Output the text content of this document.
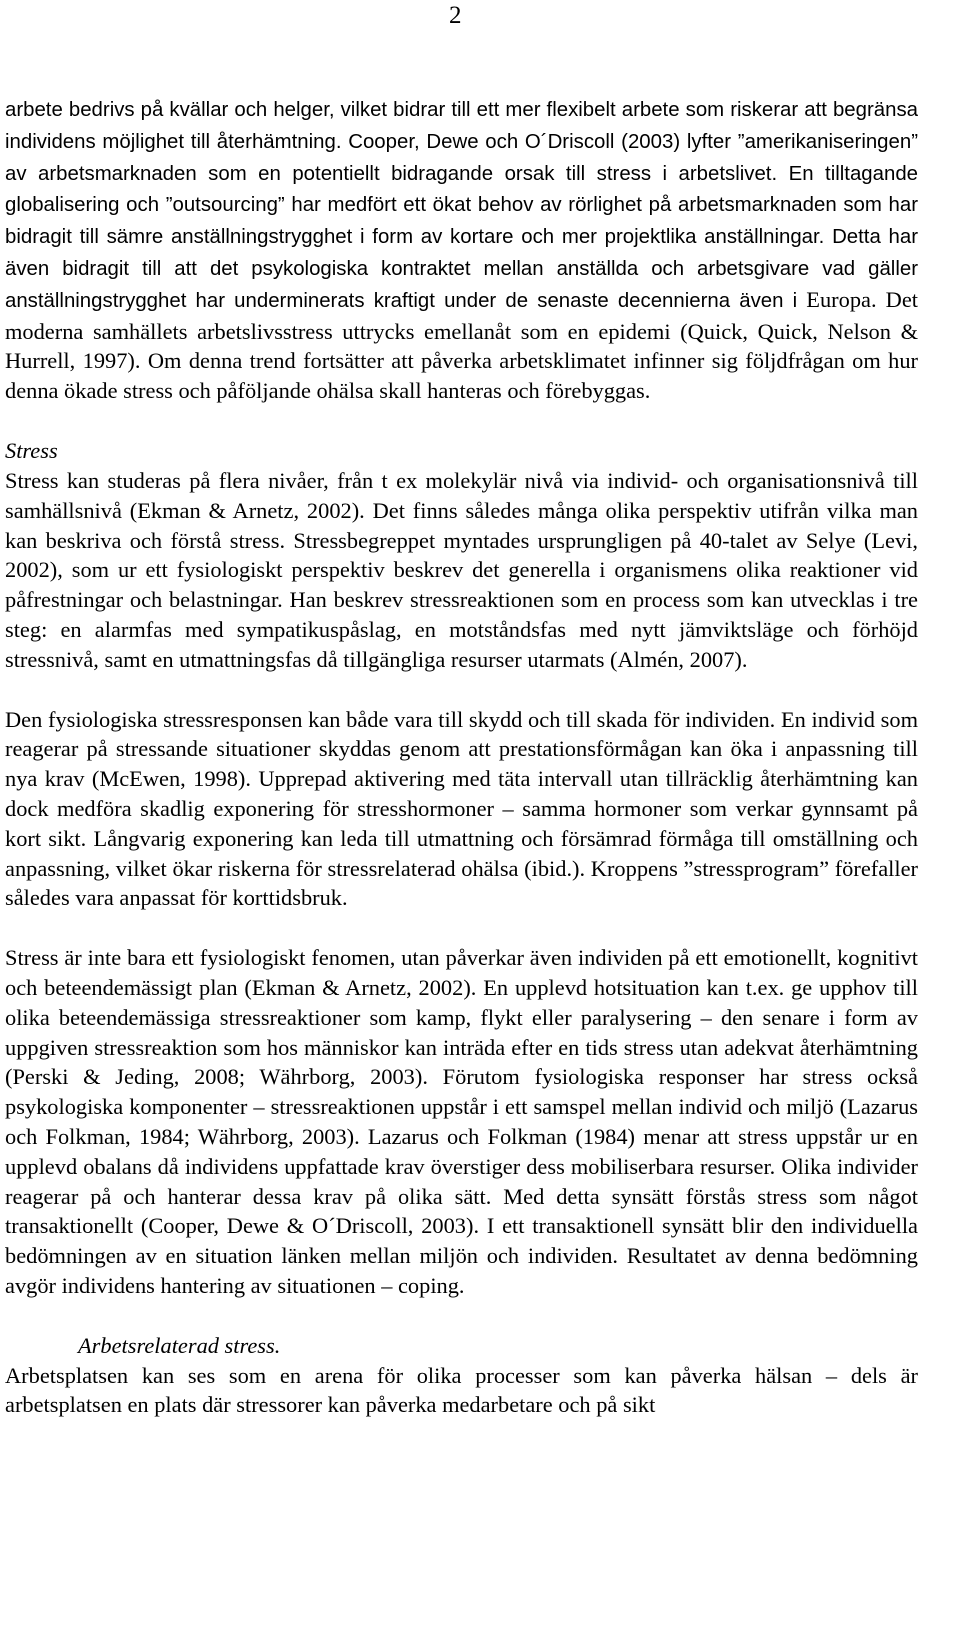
2

arbete bedrivs på kvällar och helger, vilket bidrar till ett mer flexibelt arbete som riskerar att begränsa individens möjlighet till återhämtning. Cooper, Dewe och O´Driscoll (2003) lyfter ”amerikaniseringen” av arbetsmarknaden som en potentiellt bidragande orsak till stress i arbetslivet. En tilltagande globalisering och ”outsourcing” har medfört ett ökat behov av rörlighet på arbetsmarknaden som har bidragit till sämre anställningstrygghet i form av kortare och mer projektlika anställningar. Detta har även bidragit till att det psykologiska kontraktet mellan anställda och arbetsgivare vad gäller anställningstrygghet har underminerats kraftigt under de senaste decennierna även i Europa. Det moderna samhällets arbetslivsstress uttrycks emellanåt som en epidemi (Quick, Quick, Nelson & Hurrell, 1997). Om denna trend fortsätter att påverka arbetsklimatet infinner sig följdfrågan om hur denna ökade stress och påföljande ohälsa skall hanteras och förebyggas.

Stress

Stress kan studeras på flera nivåer, från t ex molekylär nivå via individ- och organisationsnivå till samhällsnivå (Ekman & Arnetz, 2002). Det finns således många olika perspektiv utifrån vilka man kan beskriva och förstå stress. Stressbegreppet myntades ursprungligen på 40-talet av Selye (Levi, 2002), som ur ett fysiologiskt perspektiv beskrev det generella i organismens olika reaktioner vid påfrestningar och belastningar. Han beskrev stressreaktionen som en process som kan utvecklas i tre steg: en alarmfas med sympatikuspåslag, en motståndsfas med nytt jämviktsläge och förhöjd stressnivå, samt en utmattningsfas då tillgängliga resurser utarmats (Almén, 2007).

Den fysiologiska stressresponsen kan både vara till skydd och till skada för individen. En individ som reagerar på stressande situationer skyddas genom att prestationsförmågan kan öka i anpassning till nya krav (McEwen, 1998). Upprepad aktivering med täta intervall utan tillräcklig återhämtning kan dock medföra skadlig exponering för stresshormoner – samma hormoner som verkar gynnsamt på kort sikt. Långvarig exponering kan leda till utmattning och försämrad förmåga till omställning och anpassning, vilket ökar riskerna för stressrelaterad ohälsa (ibid.). Kroppens ”stressprogram” förefaller således vara anpassat för korttidsbruk.

Stress är inte bara ett fysiologiskt fenomen, utan påverkar även individen på ett emotionellt, kognitivt och beteendemässigt plan (Ekman & Arnetz, 2002). En upplevd hotsituation kan t.ex. ge upphov till olika beteendemässiga stressreaktioner som kamp, flykt eller paralysering – den senare i form av uppgiven stressreaktion som hos människor kan inträda efter en tids stress utan adekvat återhämtning (Perski & Jeding, 2008; Währborg, 2003). Förutom fysiologiska responser har stress också psykologiska komponenter – stressreaktionen uppstår i ett samspel mellan individ och miljö (Lazarus och Folkman, 1984; Währborg, 2003). Lazarus och Folkman (1984) menar att stress uppstår ur en upplevd obalans då individens uppfattade krav överstiger dess mobiliserbara resurser. Olika individer reagerar på och hanterar dessa krav på olika sätt. Med detta synsätt förstås stress som något transaktionellt (Cooper, Dewe & O´Driscoll, 2003). I ett transaktionell synsätt blir den individuella bedömningen av en situation länken mellan miljön och individen. Resultatet av denna bedömning avgör individens hantering av situationen – coping.

Arbetsrelaterad stress.

Arbetsplatsen kan ses som en arena för olika processer som kan påverka hälsan – dels är arbetsplatsen en plats där stressorer kan påverka medarbetare och på sikt
